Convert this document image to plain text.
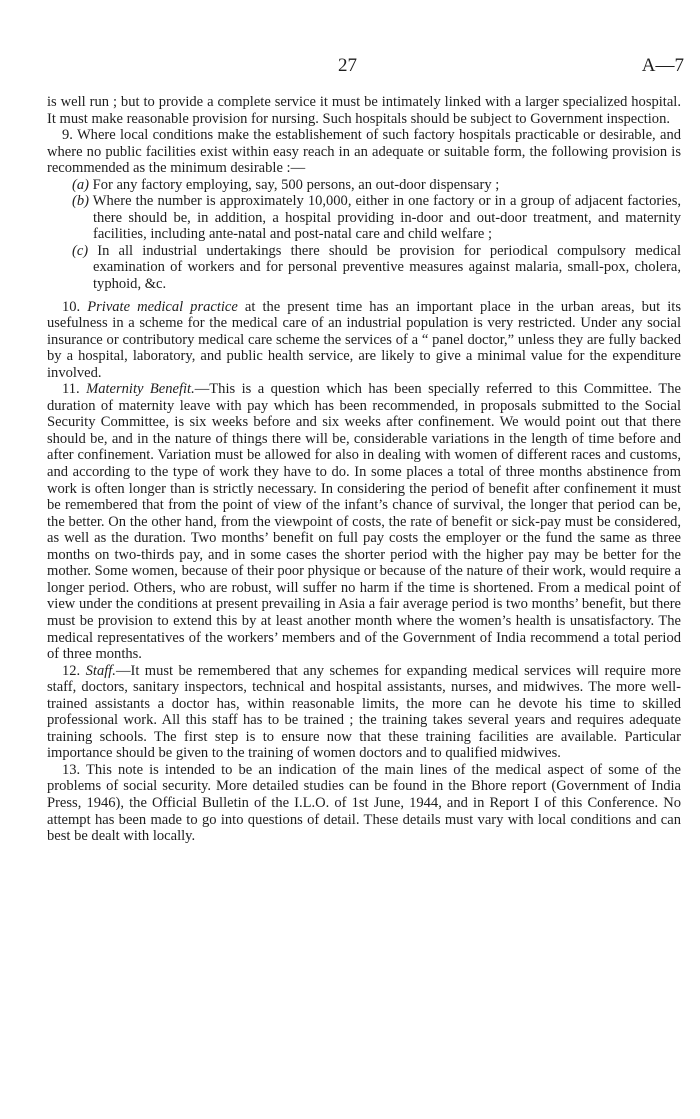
27	A—7

is well run ; but to provide a complete service it must be intimately linked with a larger specialized hospital. It must make reasonable provision for nursing. Such hospitals should be subject to Government inspection.

9. Where local conditions make the establishement of such factory hospitals practicable or desirable, and where no public facilities exist within easy reach in an adequate or suitable form, the following provision is recommended as the minimum desirable :—

(a) For any factory employing, say, 500 persons, an out-door dispensary ;
(b) Where the number is approximately 10,000, either in one factory or in a group of adjacent factories, there should be, in addition, a hospital providing in-door and out-door treatment, and maternity facilities, including ante-natal and post-natal care and child welfare ;
(c) In all industrial undertakings there should be provision for periodical compulsory medical examination of workers and for personal preventive measures against malaria, small-pox, cholera, typhoid, &c.

10. Private medical practice at the present time has an important place in the urban areas, but its usefulness in a scheme for the medical care of an industrial population is very restricted. Under any social insurance or contributory medical care scheme the services of a “ panel doctor,” unless they are fully backed by a hospital, laboratory, and public health service, are likely to give a minimal value for the expenditure involved.

11. Maternity Benefit.—This is a question which has been specially referred to this Committee. The duration of maternity leave with pay which has been recommended, in proposals submitted to the Social Security Committee, is six weeks before and six weeks after confinement. We would point out that there should be, and in the nature of things there will be, considerable variations in the length of time before and after confinement. Variation must be allowed for also in dealing with women of different races and customs, and according to the type of work they have to do. In some places a total of three months abstinence from work is often longer than is strictly necessary. In considering the period of benefit after confinement it must be remembered that from the point of view of the infant’s chance of survival, the longer that period can be, the better. On the other hand, from the viewpoint of costs, the rate of benefit or sick-pay must be considered, as well as the duration. Two months’ benefit on full pay costs the employer or the fund the same as three months on two-thirds pay, and in some cases the shorter period with the higher pay may be better for the mother. Some women, because of their poor physique or because of the nature of their work, would require a longer period. Others, who are robust, will suffer no harm if the time is shortened. From a medical point of view under the conditions at present prevailing in Asia a fair average period is two months’ benefit, but there must be provision to extend this by at least another month where the women’s health is unsatisfactory. The medical representatives of the workers’ members and of the Government of India recommend a total period of three months.

12. Staff.—It must be remembered that any schemes for expanding medical services will require more staff, doctors, sanitary inspectors, technical and hospital assistants, nurses, and midwives. The more well-trained assistants a doctor has, within reasonable limits, the more can he devote his time to skilled professional work. All this staff has to be trained ; the training takes several years and requires adequate training schools. The first step is to ensure now that these training facilities are available. Particular importance should be given to the training of women doctors and to qualified midwives.

13. This note is intended to be an indication of the main lines of the medical aspect of some of the problems of social security. More detailed studies can be found in the Bhore report (Government of India Press, 1946), the Official Bulletin of the I.L.O. of 1st June, 1944, and in Report I of this Conference. No attempt has been made to go into questions of detail. These details must vary with local conditions and can best be dealt with locally.
